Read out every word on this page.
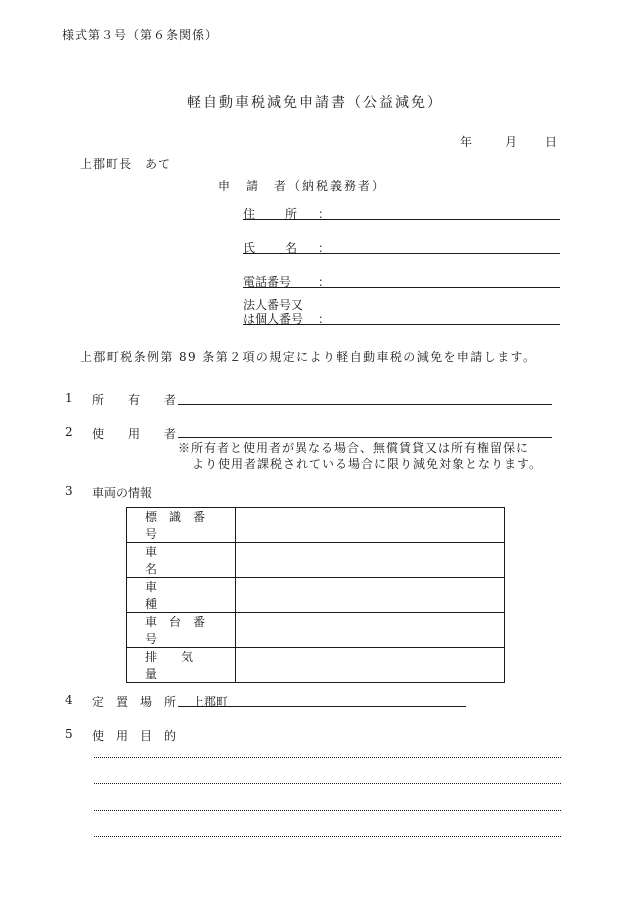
様式第３号（第６条関係）
軽自動車税減免申請書（公益減免）
年	月 日
上郡町長　あて
申　請　者（納税義務者）
住 所 ：
氏 名 ：
電話番号 ：
法人番号又
は個人番号 ：
上郡町税条例第 89 条第２項の規定により軽自動車税の減免を申請します。
1 所　　有　　者
2 使　　用　　者
※所有者と使用者が異なる場合、無償賃貸又は所有権留保に
より使用者課税されている場合に限り減免対象となります。
3 車両の情報
標　識　番　号	
車　　　　　名	
車　　　　　種	
車　台　番　号	
排　　気　　量	
4 定　置　場　所 上郡町
5 使　用　目　的
